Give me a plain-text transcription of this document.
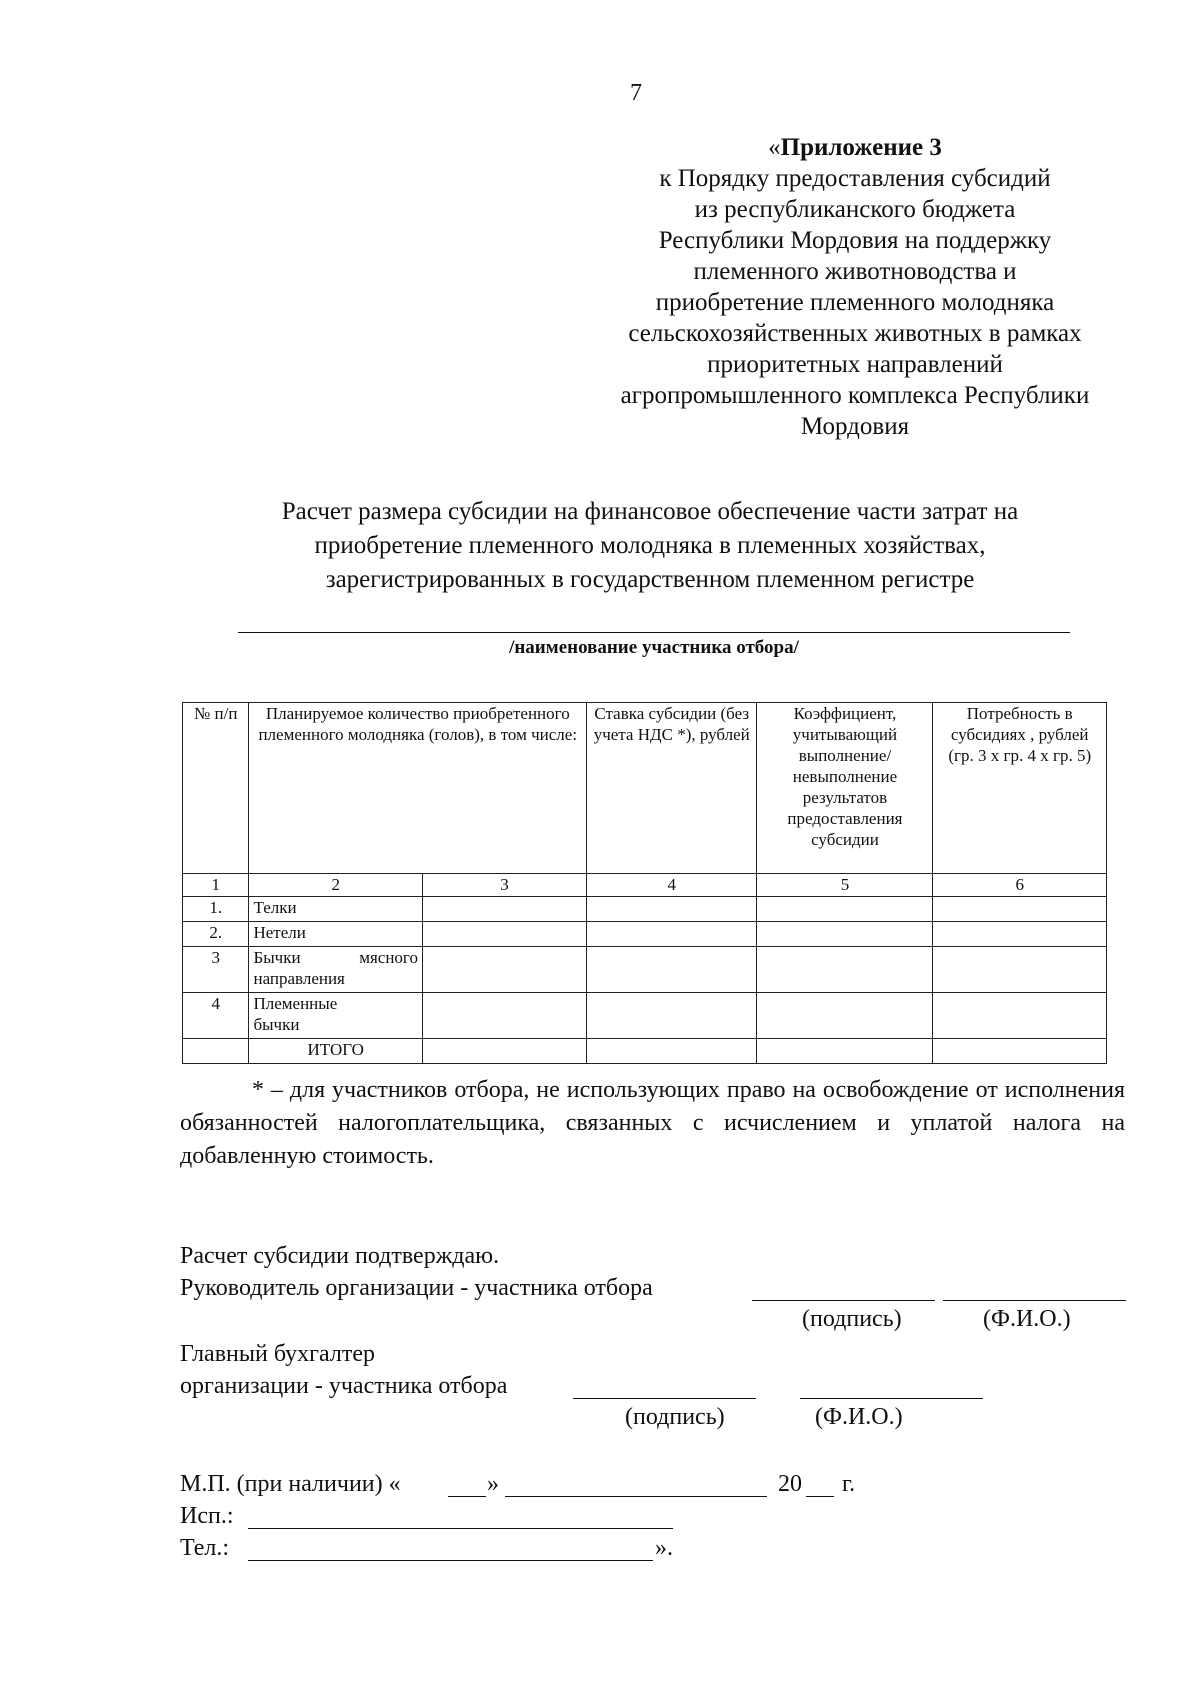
7
«Приложение 3
к Порядку предоставления субсидий
из республиканского бюджета
Республики Мордовия на поддержку
племенного животноводства и
приобретение племенного молодняка
сельскохозяйственных животных в рамках
приоритетных направлений
агропромышленного комплекса Республики
Мордовия
Расчет размера субсидии на финансовое обеспечение части затрат на
приобретение племенного молодняка в племенных хозяйствах,
зарегистрированных в государственном племенном регистре
/наименование участника отбора/
№ п/п	Планируемое количество приобретенного племенного молодняка (голов), в том числе:		Ставка субсидии (без учета НДС *), рублей	Коэффициент, учитывающий выполнение/ невыполнение результатов предоставления субсидии	Потребность в субсидиях , рублей (гр. 3 х гр. 4 х гр. 5)
1	2	3	4	5	6
1.	Телки				
2.	Нетели				
3	Бычки мясного
направления				

4	Племенные
бычки				

	ИТОГО				
* – для участников отбора, не использующих право на освобождение от исполнения обязанностей налогоплательщика, связанных с исчислением и уплатой налога на добавленную стоимость.
Расчет субсидии подтверждаю.
Руководитель организации - участника отбора
(подпись)	(Ф.И.О.)
Главный бухгалтер
организации - участника отбора
(подпись)	(Ф.И.О.)
М.П. (при наличии) «	»	20 г.
Исп.:
Тел.:	».
